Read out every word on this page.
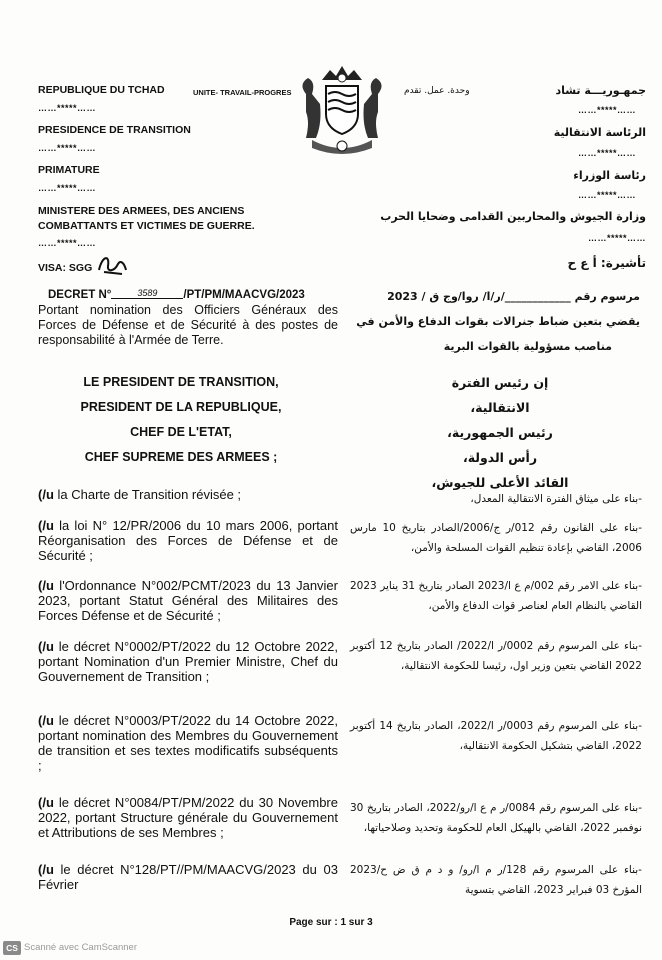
REPUBLIQUE DU TCHAD
……*****……
PRESIDENCE DE TRANSITION
……*****……
PRIMATURE
……*****……
MINISTERE DES ARMEES, DES ANCIENS
COMBATTANTS ET VICTIMES DE GUERRE.
……*****……
VISA: SGG
UNITE- TRAVAIL-PROGRES	وحدة. عمل. تقدم	جمهـوريـــة تشاد
……*****……
الرئاسة الانتقالية
……*****……
رئاسة الوزراء
……*****……
وزارة الجيوش والمحاربين القدامى وضحايا الحرب
……*****……
تأشيرة: أ ع ح
DECRET N°	3589 /PT/PM/MAACVG/2023
Portant nomination des Officiers Généraux des Forces de Défense et de Sécurité à des postes de responsabilité à l'Armée de Terre.
مرسوم رقم ____________/ر/ا/ روا/وج ق / 2023
يقضي بتعين ضباط جنرالات بقوات الدفاع والأمن في
مناصب مسؤولية بالقوات البرية
LE PRESIDENT DE TRANSITION,
PRESIDENT DE LA REPUBLIQUE,
CHEF DE L'ETAT,
CHEF SUPREME DES ARMEES ;
إن رئيس الفترة الانتقالية،
رئيس الجمهورية،
رأس الدولة،
القائد الأعلى للجيوش،
(/u la Charte de Transition révisée ;
(/u la loi N° 12/PR/2006 du 10 mars 2006, portant Réorganisation des Forces de Défense et de Sécurité ;
(/u l'Ordonnance N°002/PCMT/2023 du 13 Janvier 2023, portant Statut Général des Militaires des Forces Défense et de Sécurité ;
(/u le décret N°0002/PT/2022 du 12 Octobre 2022, portant Nomination d'un Premier Ministre, Chef du Gouvernement de Transition ;
(/u le décret N°0003/PT/2022 du 14 Octobre 2022, portant nomination des Membres du Gouvernement de transition et ses textes modificatifs subséquents ;
(/u le décret N°0084/PT/PM/2022 du 30 Novembre 2022, portant Structure générale du Gouvernement et Attributions de ses Membres ;
(/u le décret N°128/PT//PM/MAACVG/2023 du 03 Février
-بناء على ميثاق الفترة الانتقالية المعدل،
-بناء على القانون رقم 012/ر ج/2006/الصادر بتاريخ 10 مارس 2006، القاضي بإعادة تنظيم القوات المسلحة والأمن،
-بناء على الامر رقم 002/م ع ا/2023 الصادر بتاريخ 31 يناير 2023 القاضي بالنظام العام لعناصر قوات الدفاع والأمن،
-بناء على المرسوم رقم 0002/ر ا/2022/ الصادر بتاريخ 12 أكتوبر 2022 القاضي بتعين وزير اول، رئيسا للحكومة الانتقالية،
-بناء على المرسوم رقم 0003/ر ا/2022، الصادر بتاريخ 14 أكتوبر 2022، القاضي بتشكيل الحكومة الانتقالية،
-بناء على المرسوم رقم 0084/ر م ع ا/رو/2022، الصادر بتاريخ 30 نوفمبر 2022، القاضي بالهيكل العام للحكومة وتحديد وصلاحياتها،
-بناء على المرسوم رقم 128/ر م ا/رو/ و د م ق ض ح/2023 المؤرخ 03 فبراير 2023، القاضي بتسوية
Page sur : 1 sur 3
CS Scanné avec CamScanner
